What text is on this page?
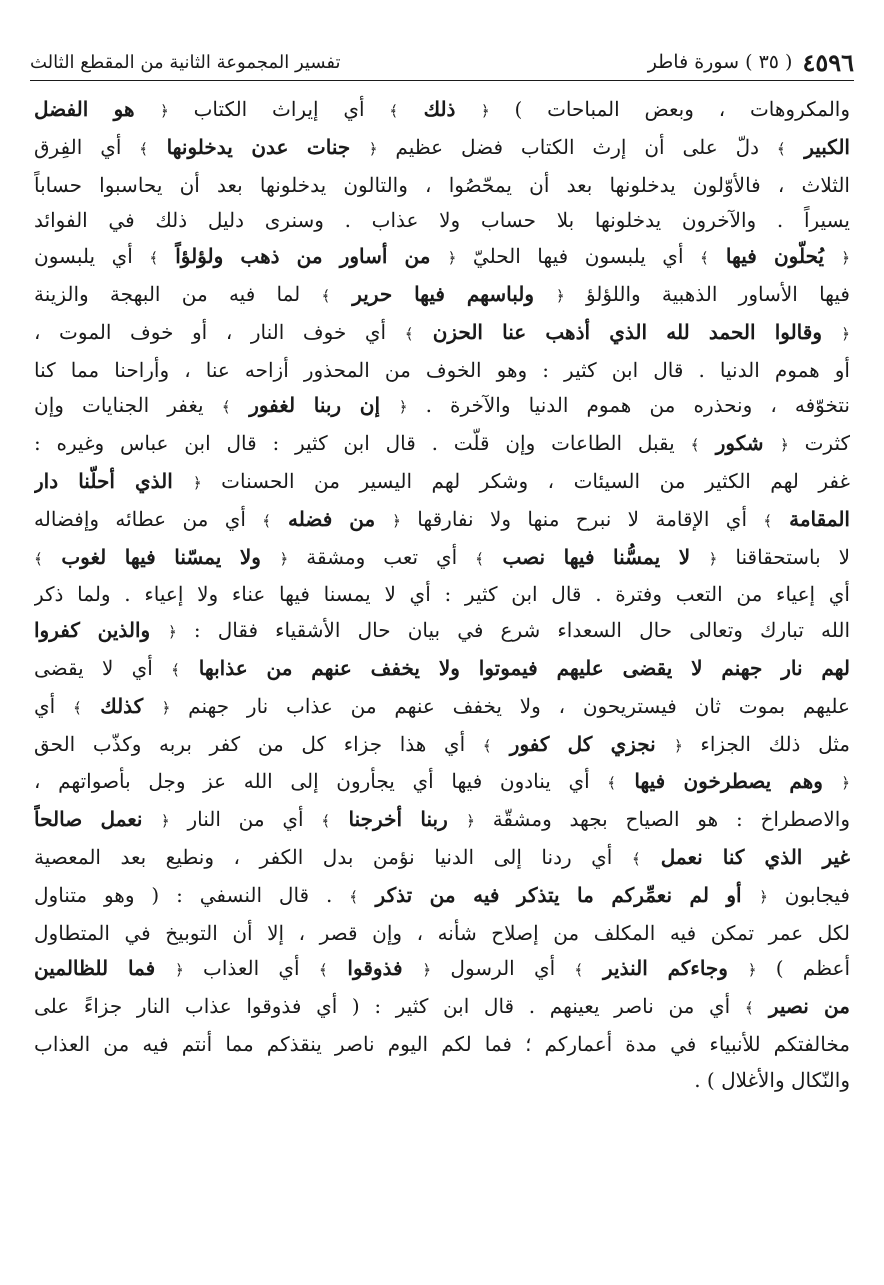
٤٥٩٦
( ٣٥ ) سورة فاطر
تفسير المجموعة الثانية من المقطع الثالث
والمكروهات ، وبعض المباحات ) ﴿ ذلك ﴾ أي إيراث الكتاب ﴿ هو الفضل
الكبير ﴾ دلّ على أن إرث الكتاب فضل عظيم ﴿ جنات عدن يدخلونها ﴾ أي الفِرق
الثلاث ، فالأوّلون يدخلونها بعد أن يمحّصُوا ، والتالون يدخلونها بعد أن يحاسبوا حساباً
يسيراً . والآخرون يدخلونها بلا حساب ولا عذاب . وسنرى دليل ذلك في الفوائد
﴿ يُحلّون فيها ﴾ أي يلبسون فيها الحليّ ﴿ من أساور من ذهب ولؤلؤاً ﴾ أي يلبسون
فيها الأساور الذهبية واللؤلؤ ﴿ ولباسهم فيها حرير ﴾ لما فيه من البهجة والزينة
﴿ وقالوا الحمد لله الذي أذهب عنا الحزن ﴾ أي خوف النار ، أو خوف الموت ،
أو هموم الدنيا . قال ابن كثير : وهو الخوف من المحذور أزاحه عنا ، وأراحنا مما كنا
نتخوّفه ، ونحذره من هموم الدنيا والآخرة . ﴿ إن ربنا لغفور ﴾ يغفر الجنايات وإن
كثرت ﴿ شكور ﴾ يقبل الطاعات وإن قلّت . قال ابن كثير : قال ابن عباس وغيره :
غفر لهم الكثير من السيئات ، وشكر لهم اليسير من الحسنات ﴿ الذي أحلّنا دار
المقامة ﴾ أي الإقامة لا نبرح منها ولا نفارقها ﴿ من فضله ﴾ أي من عطائه وإفضاله
لا باستحقاقنا ﴿ لا يمسُّنا فيها نصب ﴾ أي تعب ومشقة ﴿ ولا يمسّنا فيها لغوب ﴾
أي إعياء من التعب وفترة . قال ابن كثير : أي لا يمسنا فيها عناء ولا إعياء . ولما ذكر
الله تبارك وتعالى حال السعداء شرع في بيان حال الأشقياء فقال : ﴿ والذين كفروا
لهم نار جهنم لا يقضى عليهم فيموتوا ولا يخفف عنهم من عذابها ﴾ أي لا يقضى
عليهم بموت ثان فيستريحون ، ولا يخفف عنهم من عذاب نار جهنم ﴿ كذلك ﴾ أي
مثل ذلك الجزاء ﴿ نجزي كل كفور ﴾ أي هذا جزاء كل من كفر بربه وكذّب الحق
﴿ وهم يصطرخون فيها ﴾ أي ينادون فيها أي يجأرون إلى الله عز وجل بأصواتهم ،
والاصطراخ : هو الصياح بجهد ومشقّة ﴿ ربنا أخرجنا ﴾ أي من النار ﴿ نعمل صالحاً
غير الذي كنا نعمل ﴾ أي ردنا إلى الدنيا نؤمن بدل الكفر ، ونطيع بعد المعصية
فيجابون ﴿ أو لم نعمِّركم ما يتذكر فيه من تذكر ﴾ . قال النسفي : ( وهو متناول
لكل عمر تمكن فيه المكلف من إصلاح شأنه ، وإن قصر ، إلا أن التوبيخ في المتطاول
أعظم ) ﴿ وجاءكم النذير ﴾ أي الرسول ﴿ فذوقوا ﴾ أي العذاب ﴿ فما للظالمين
من نصير ﴾ أي من ناصر يعينهم . قال ابن كثير : ( أي فذوقوا عذاب النار جزاءً على
مخالفتكم للأنبياء في مدة أعماركم ؛ فما لكم اليوم ناصر ينقذكم مما أنتم فيه من العذاب
والنّكال والأغلال ) .
